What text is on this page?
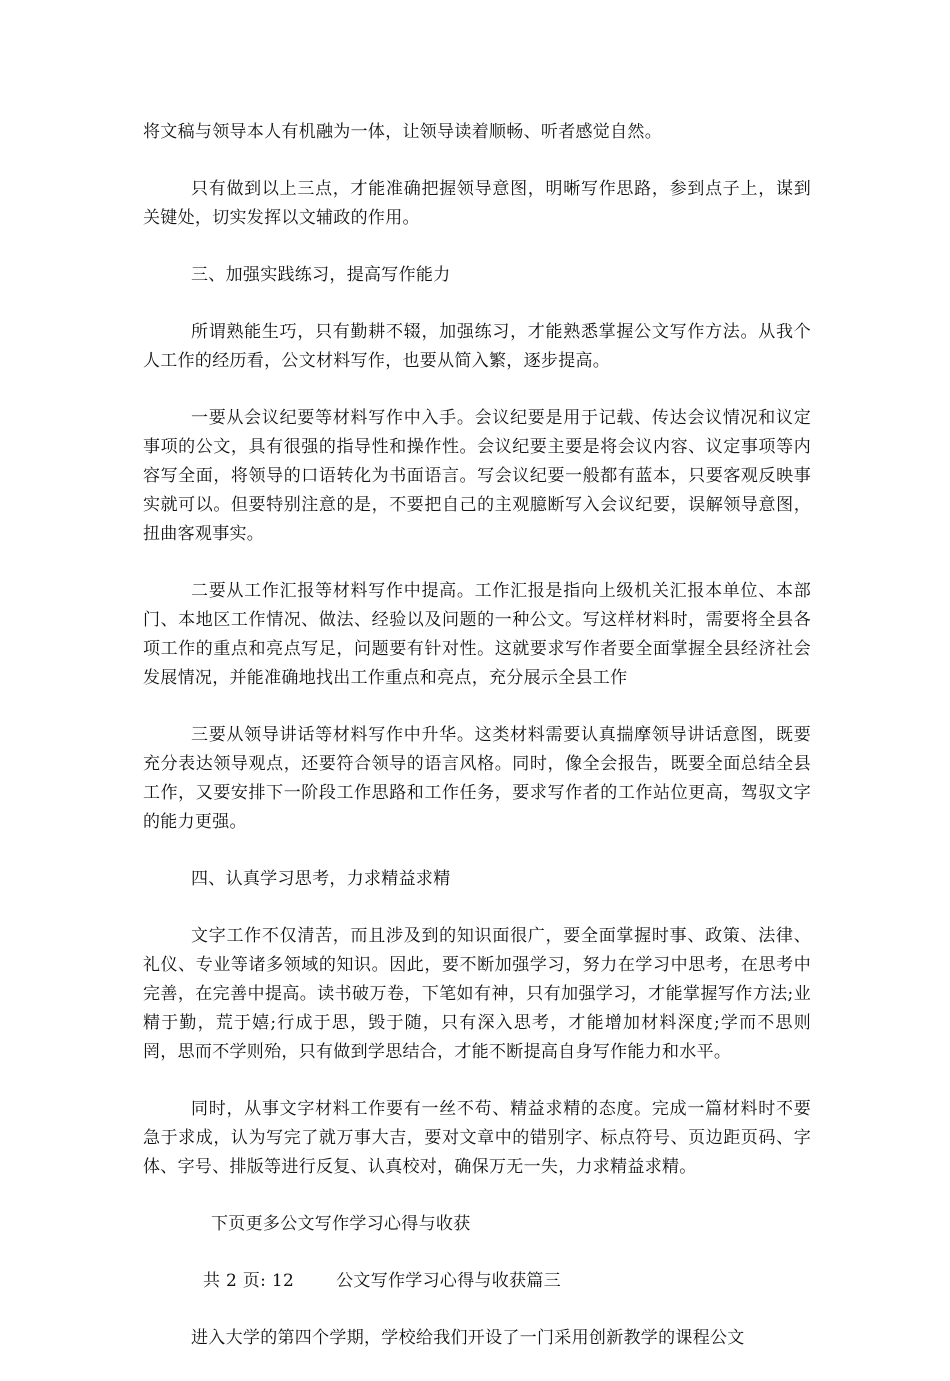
将文稿与领导本人有机融为一体，让领导读着顺畅、听者感觉自然。

只有做到以上三点，才能准确把握领导意图，明晰写作思路，参到点子上，谋到关键处，切实发挥以文辅政的作用。

三、加强实践练习，提高写作能力

所谓熟能生巧，只有勤耕不辍，加强练习，才能熟悉掌握公文写作方法。从我个人工作的经历看，公文材料写作，也要从简入繁，逐步提高。

一要从会议纪要等材料写作中入手。会议纪要是用于记载、传达会议情况和议定事项的公文，具有很强的指导性和操作性。会议纪要主要是将会议内容、议定事项等内容写全面，将领导的口语转化为书面语言。写会议纪要一般都有蓝本，只要客观反映事实就可以。但要特别注意的是，不要把自己的主观臆断写入会议纪要，误解领导意图，扭曲客观事实。

二要从工作汇报等材料写作中提高。工作汇报是指向上级机关汇报本单位、本部门、本地区工作情况、做法、经验以及问题的一种公文。写这样材料时，需要将全县各项工作的重点和亮点写足，问题要有针对性。这就要求写作者要全面掌握全县经济社会发展情况，并能准确地找出工作重点和亮点，充分展示全县工作

三要从领导讲话等材料写作中升华。这类材料需要认真揣摩领导讲话意图，既要充分表达领导观点，还要符合领导的语言风格。同时，像全会报告，既要全面总结全县工作，又要安排下一阶段工作思路和工作任务，要求写作者的工作站位更高，驾驭文字的能力更强。

四、认真学习思考，力求精益求精

文字工作不仅清苦，而且涉及到的知识面很广，要全面掌握时事、政策、法律、礼仪、专业等诸多领域的知识。因此，要不断加强学习，努力在学习中思考，在思考中完善，在完善中提高。读书破万卷，下笔如有神，只有加强学习，才能掌握写作方法;业精于勤，荒于嬉;行成于思，毁于随，只有深入思考，才能增加材料深度;学而不思则罔，思而不学则殆，只有做到学思结合，才能不断提高自身写作能力和水平。

同时，从事文字材料工作要有一丝不苟、精益求精的态度。完成一篇材料时不要急于求成，认为写完了就万事大吉，要对文章中的错别字、标点符号、页边距页码、字体、字号、排版等进行反复、认真校对，确保万无一失，力求精益求精。

下页更多公文写作学习心得与收获

共 2 页: 12 公文写作学习心得与收获篇三

进入大学的第四个学期，学校给我们开设了一门采用创新教学的课程公文
